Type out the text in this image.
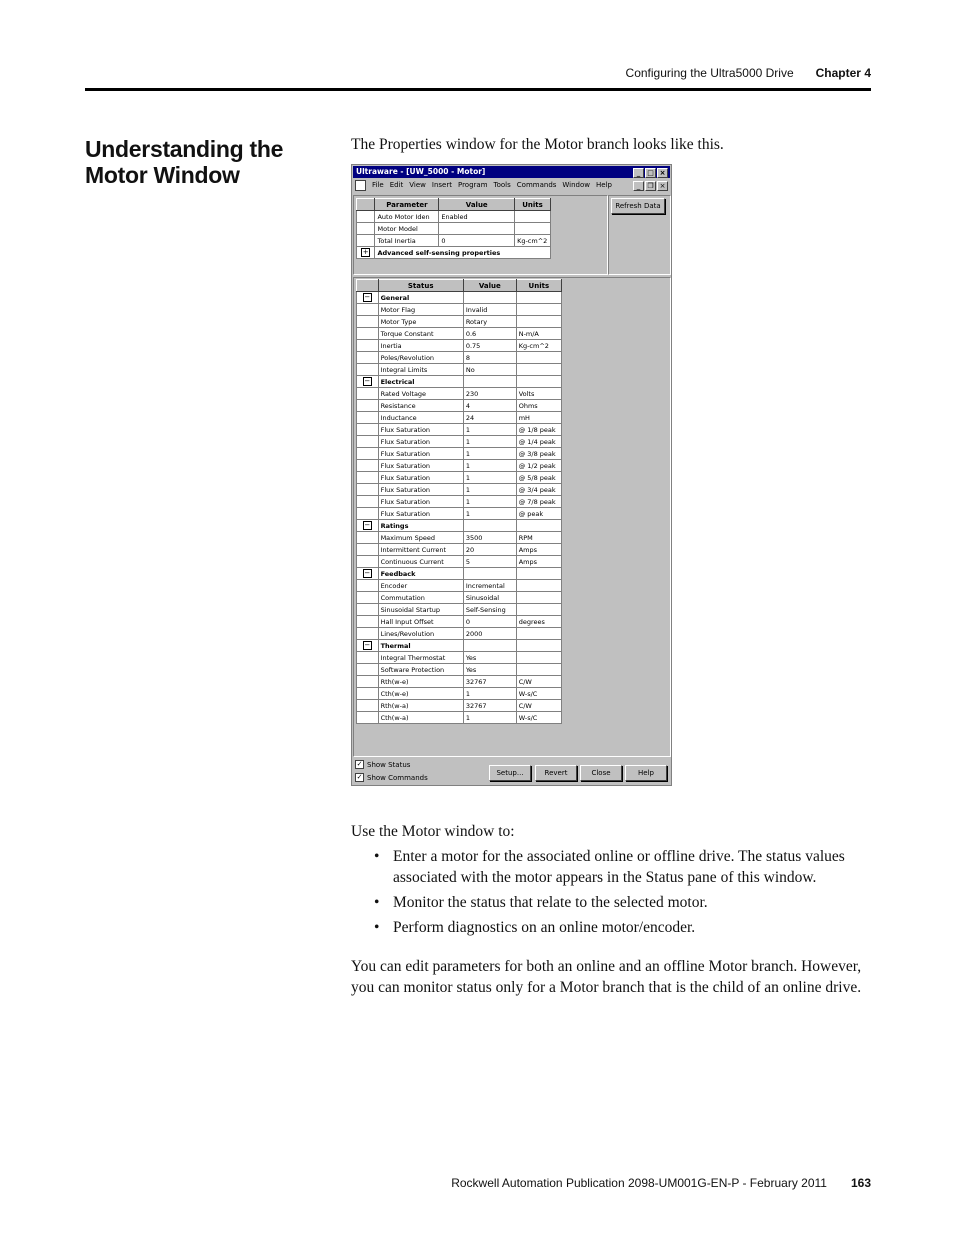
Configuring the Ultra5000 Drive Chapter 4
Understanding the Motor Window
The Properties window for the Motor branch looks like this.
Ultraware - [UW_5000 - Motor]	_ □ ×
File Edit View Insert Program Tools Commands Window Help	_	❐ ×
	Parameter	Value	Units
	Auto Motor Iden	Enabled	
	Motor Model		
	Total Inertia	0	Kg-cm^2
+	Advanced self-sensing properties		
Refresh Data
	Status	Value	Units
−	General		
	Motor Flag	Invalid	
	Motor Type	Rotary	
	Torque Constant	0.6	N-m/A
	Inertia	0.75	Kg-cm^2
	Poles/Revolution	8	
	Integral Limits	No	
−	Electrical		
	Rated Voltage	230	Volts
	Resistance	4	Ohms
	Inductance	24	mH
	Flux Saturation	1	@ 1/8 peak
	Flux Saturation	1	@ 1/4 peak
	Flux Saturation	1	@ 3/8 peak
	Flux Saturation	1	@ 1/2 peak
	Flux Saturation	1	@ 5/8 peak
	Flux Saturation	1	@ 3/4 peak
	Flux Saturation	1	@ 7/8 peak
	Flux Saturation	1	@ peak
−	Ratings		
	Maximum Speed	3500	RPM
	Intermittent Current	20	Amps
	Continuous Current	5	Amps
−	Feedback		
	Encoder	Incremental	
	Commutation	Sinusoidal	
	Sinusoidal Startup	Self-Sensing	
	Hall Input Offset	0	degrees
	Lines/Revolution	2000	
−	Thermal		
	Integral Thermostat	Yes	
	Software Protection	Yes	
	Rth(w-e)	32767	C/W
	Cth(w-e)	1	W-s/C
	Rth(w-a)	32767	C/W
	Cth(w-a)	1	W-s/C
✓ Show Status
✓ Show Commands
Setup...	Revert	Close	Help
Use the Motor window to:
• Enter a motor for the associated online or offline drive. The status values associated with the motor appears in the Status pane of this window.
• Monitor the status that relate to the selected motor.
• Perform diagnostics on an online motor/encoder.
You can edit parameters for both an online and an offline Motor branch. However, you can monitor status only for a Motor branch that is the child of an online drive.
Rockwell Automation Publication 2098-UM001G-EN-P - February 2011 163
